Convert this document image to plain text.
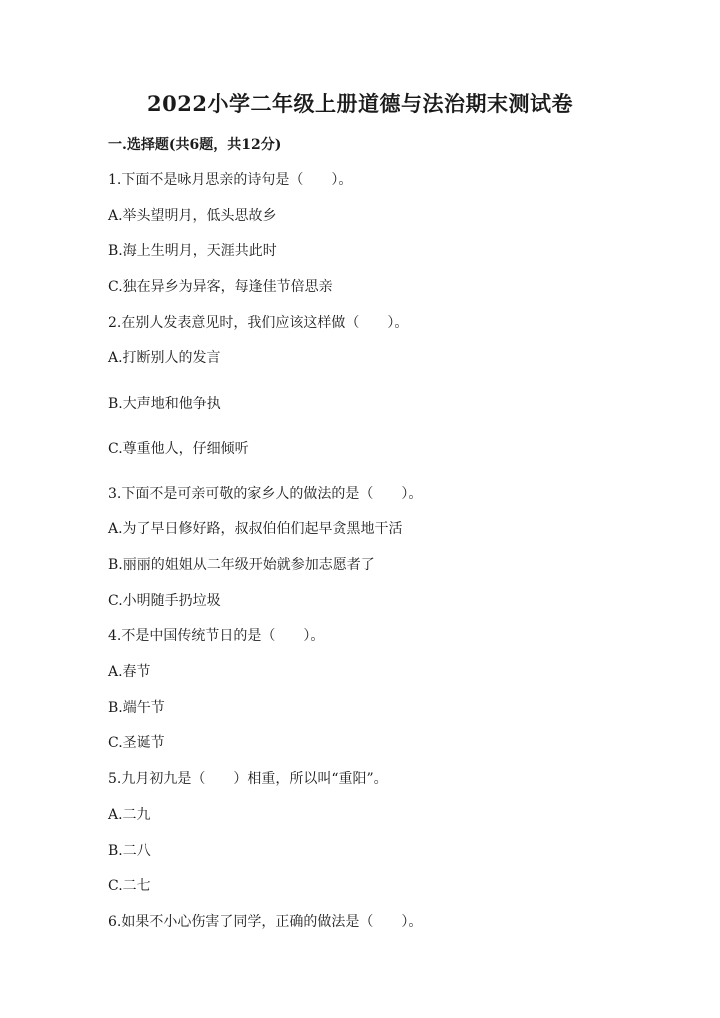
2022小学二年级上册道德与法治期末测试卷
一.选择题(共6题，共12分)
1.下面不是咏月思亲的诗句是（　　）。
A.举头望明月，低头思故乡
B.海上生明月，天涯共此时
C.独在异乡为异客，每逢佳节倍思亲
2.在别人发表意见时，我们应该这样做（　　）。
A.打断别人的发言
B.大声地和他争执
C.尊重他人，仔细倾听
3.下面不是可亲可敬的家乡人的做法的是（　　）。
A.为了早日修好路，叔叔伯伯们起早贪黑地干活
B.丽丽的姐姐从二年级开始就参加志愿者了
C.小明随手扔垃圾
4.不是中国传统节日的是（　　）。
A.春节
B.端午节
C.圣诞节
5.九月初九是（　　）相重，所以叫“重阳”。
A.二九
B.二八
C.二七
6.如果不小心伤害了同学，正确的做法是（　　）。
